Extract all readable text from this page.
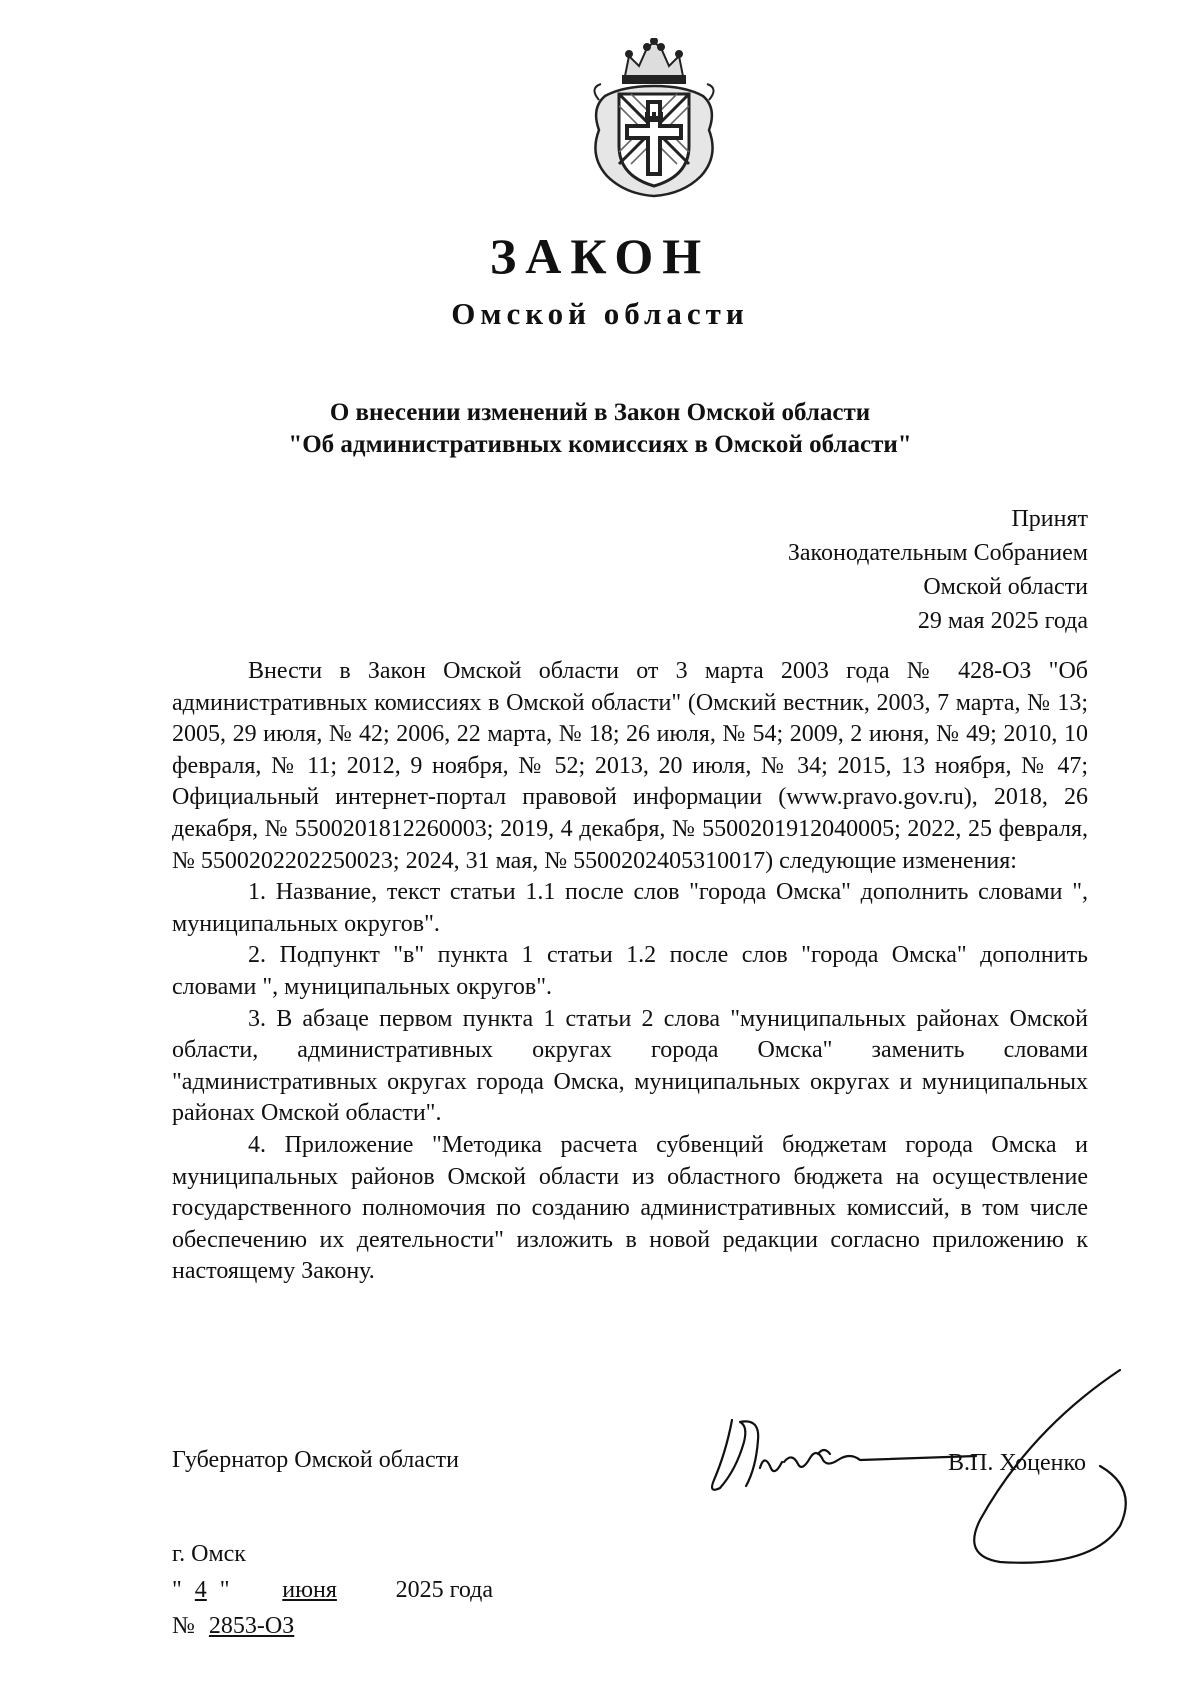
ЗАКОН
Омской области
О внесении изменений в Закон Омской области
"Об административных комиссиях в Омской области"
Принят
Законодательным Собранием
Омской области
29 мая 2025 года

Внести в Закон Омской области от 3 марта 2003 года № 428-ОЗ "Об административных комиссиях в Омской области" (Омский вестник, 2003, 7 марта, № 13; 2005, 29 июля, № 42; 2006, 22 марта, № 18; 26 июля, № 54; 2009, 2 июня, № 49; 2010, 10 февраля, № 11; 2012, 9 ноября, № 52; 2013, 20 июля, № 34; 2015, 13 ноября, № 47; Официальный интернет-портал правовой информации (www.pravo.gov.ru), 2018, 26 декабря, № 5500201812260003; 2019, 4 декабря, № 5500201912040005; 2022, 25 февраля, № 5500202202250023; 2024, 31 мая, № 5500202405310017) следующие изменения:

1. Название, текст статьи 1.1 после слов "города Омска" дополнить словами ", муниципальных округов".

2. Подпункт "в" пункта 1 статьи 1.2 после слов "города Омска" дополнить словами ", муниципальных округов".

3. В абзаце первом пункта 1 статьи 2 слова "муниципальных районах Омской области, административных округах города Омска" заменить словами "административных округах города Омска, муниципальных округах и муниципальных районах Омской области".

4. Приложение "Методика расчета субвенций бюджетам города Омска и муниципальных районов Омской области из областного бюджета на осуществление государственного полномочия по созданию административных комиссий, в том числе обеспечению их деятельности" изложить в новой редакции согласно приложению к настоящему Закону.

Губернатор Омской области	В.П. Хоценко
г. Омск
" 4 " июня 2025 года
№ 2853-ОЗ
